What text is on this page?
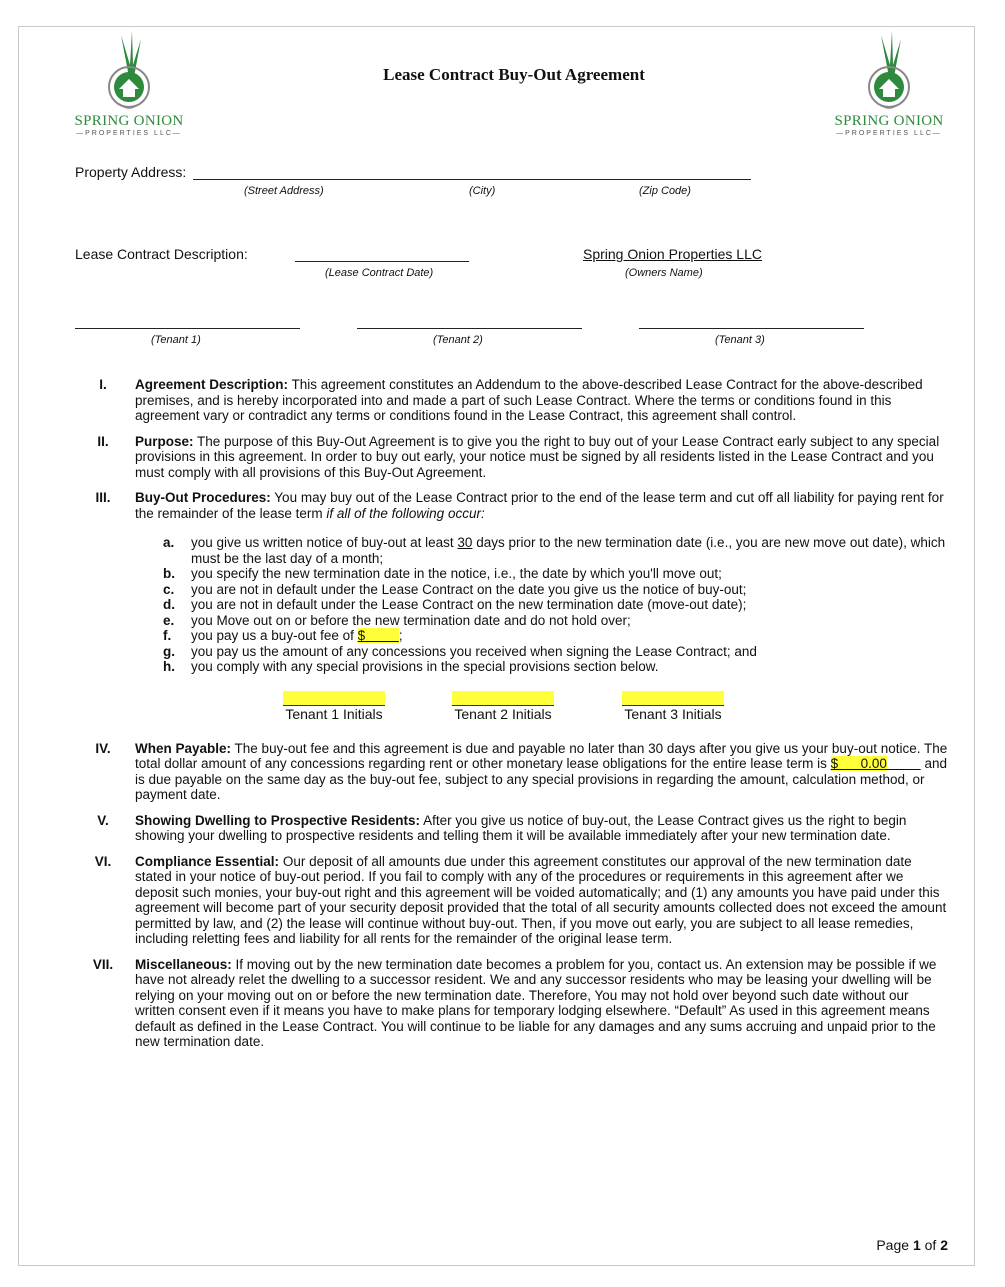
SPRING ONION
—PROPERTIES LLC—
SPRING ONION
—PROPERTIES LLC—
Lease Contract Buy-Out Agreement
Property Address:
(Street Address)	(City)	(Zip Code)
Lease Contract Description:
(Lease Contract Date)
Spring Onion Properties LLC
(Owners Name)
(Tenant 1)	(Tenant 2)	(Tenant 3)
I.	Agreement Description: This agreement constitutes an Addendum to the above-described Lease Contract for the above-described premises, and is hereby incorporated into and made a part of such Lease Contract. Where the terms or conditions found in this agreement vary or contradict any terms or conditions found in the Lease Contract, this agreement shall control.
II.	Purpose: The purpose of this Buy-Out Agreement is to give you the right to buy out of your Lease Contract early subject to any special provisions in this agreement. In order to buy out early, your notice must be signed by all residents listed in the Lease Contract and you must comply with all provisions of this Buy-Out Agreement.
III.	Buy-Out Procedures: You may buy out of the Lease Contract prior to the end of the lease term and cut off all liability for paying rent for the remainder of the lease term if all of the following occur:
a. you give us written notice of buy-out at least 30 days prior to the new termination date (i.e., you are new move out date), which must be the last day of a month;
b. you specify the new termination date in the notice, i.e., the date by which you'll move out;
c. you are not in default under the Lease Contract on the date you give us the notice of buy-out;
d. you are not in default under the Lease Contract on the new termination date (move-out date);
e. you Move out on or before the new termination date and do not hold over;
f. you pay us a buy-out fee of $         ;
g. you pay us the amount of any concessions you received when signing the Lease Contract; and
h. you comply with any special provisions in the special provisions section below.
Tenant 1 Initials	Tenant 2 Initials	Tenant 3 Initials
IV.	When Payable: The buy-out fee and this agreement is due and payable no later than 30 days after you give us your buy-out notice. The total dollar amount of any concessions regarding rent or other monetary lease obligations for the entire lease term is $      0.00	and is due payable on the same day as the buy-out fee, subject to any special provisions in regarding the amount, calculation method, or payment date.
V.	Showing Dwelling to Prospective Residents: After you give us notice of buy-out, the Lease Contract gives us the right to begin showing your dwelling to prospective residents and telling them it will be available immediately after your new termination date.
VI.	Compliance Essential: Our deposit of all amounts due under this agreement constitutes our approval of the new termination date stated in your notice of buy-out period. If you fail to comply with any of the procedures or requirements in this agreement after we deposit such monies, your buy-out right and this agreement will be voided automatically; and (1) any amounts you have paid under this agreement will become part of your security deposit provided that the total of all security amounts collected does not exceed the amount permitted by law, and (2) the lease will continue without buy-out. Then, if you move out early, you are subject to all lease remedies, including reletting fees and liability for all rents for the remainder of the original lease term.
VII.	Miscellaneous: If moving out by the new termination date becomes a problem for you, contact us. An extension may be possible if we have not already relet the dwelling to a successor resident. We and any successor residents who may be leasing your dwelling will be relying on your moving out on or before the new termination date. Therefore, You may not hold over beyond such date without our written consent even if it means you have to make plans for temporary lodging elsewhere. “Default” As used in this agreement means default as defined in the Lease Contract. You will continue to be liable for any damages and any sums accruing and unpaid prior to the new termination date.
Page 1 of 2
